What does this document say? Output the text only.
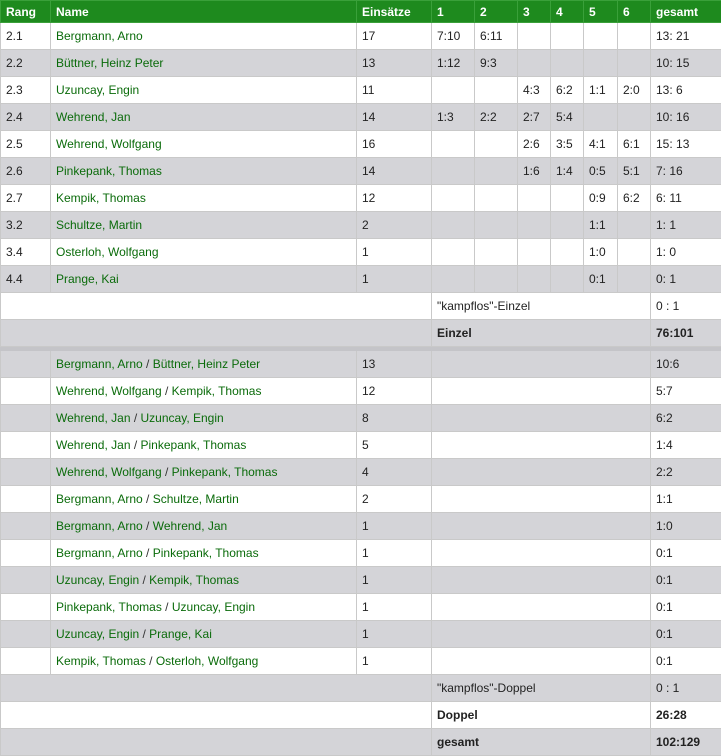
Rang	Name	Einsätze	1	2	3	4	5	6	gesamt
2.1	Bergmann, Arno	17	7:10	6:11					13: 21
2.2	Büttner, Heinz Peter	13	1:12	9:3					10: 15
2.3	Uzuncay, Engin	11			4:3	6:2	1:1	2:0	13: 6
2.4	Wehrend, Jan	14	1:3	2:2	2:7	5:4			10: 16
2.5	Wehrend, Wolfgang	16			2:6	3:5	4:1	6:1	15: 13
2.6	Pinkepank, Thomas	14			1:6	1:4	0:5	5:1	7: 16
2.7	Kempik, Thomas	12					0:9	6:2	6: 11
3.2	Schultze, Martin	2					1:1		1: 1
3.4	Osterloh, Wolfgang	1					1:0		1: 0
4.4	Prange, Kai	1					0:1		0: 1
			"kampflos"-Einzel						0 : 1
			Einzel						76:101

	Bergmann, Arno / Büttner, Heinz Peter	13							10:6
	Wehrend, Wolfgang / Kempik, Thomas	12							5:7
	Wehrend, Jan / Uzuncay, Engin	8							6:2
	Wehrend, Jan / Pinkepank, Thomas	5							1:4
	Wehrend, Wolfgang / Pinkepank, Thomas	4							2:2
	Bergmann, Arno / Schultze, Martin	2							1:1
	Bergmann, Arno / Wehrend, Jan	1							1:0
	Bergmann, Arno / Pinkepank, Thomas	1							0:1
	Uzuncay, Engin / Kempik, Thomas	1							0:1
	Pinkepank, Thomas / Uzuncay, Engin	1							0:1
	Uzuncay, Engin / Prange, Kai	1							0:1
	Kempik, Thomas / Osterloh, Wolfgang	1							0:1
			"kampflos"-Doppel						0 : 1
			Doppel						26:28
			gesamt						102:129
